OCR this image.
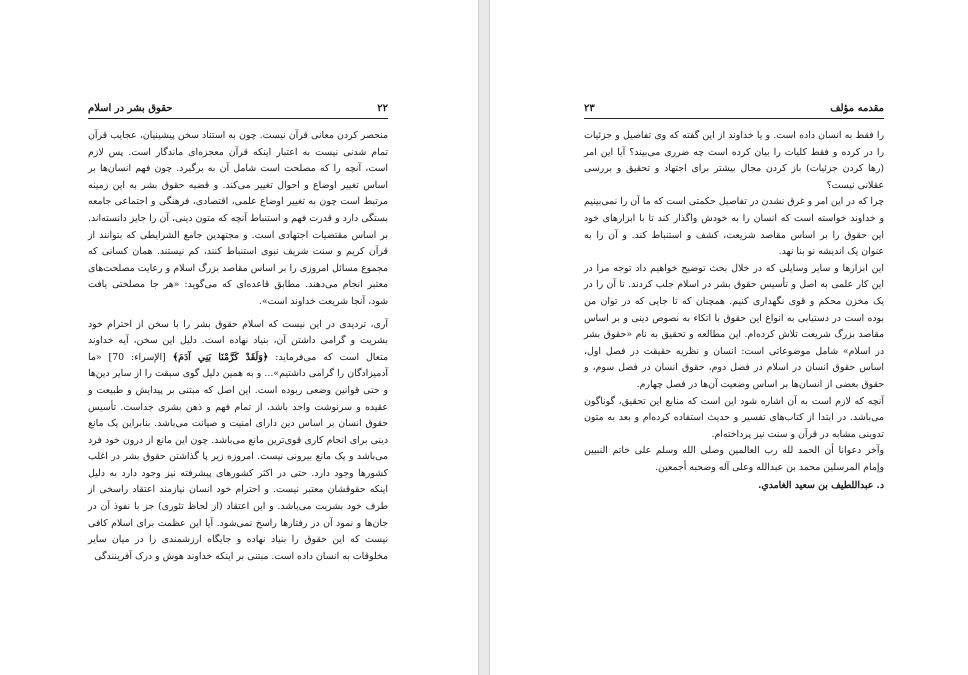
۲۲
حقوق بشر در اسلام

منحصر کردن معانی قرآن نیست. چون به استناد سخن پیشینیان، عجایب قرآن تمام شدنی نیست به اعتبار اینکه قرآن معجزه‌ای ماندگار است. پس لازم است، آنچه را که مصلحت است شامل آن به برگیرد. چون فهم انسان‌ها بر اساس تغییر اوضاع و احوال تغییر می‌کند. و قضیه حقوق بشر به این زمینه مرتبط است چون به تغییر اوضاع علمی، اقتصادی، فرهنگی و اجتماعی جامعه بستگی دارد و قدرت فهم و استنباط آنچه که متون دینی، آن را جایز دانسته‌اند. بر اساس مقتضیات اجتهادی است. و مجتهدین جامع الشرایطی که بتوانند از قرآن کریم و سنت شریف نبوی استنباط کنند، کم نیستند. همان کسانی که مجموع مسائل امروزی را بر اساس مقاصد بزرگ اسلام و رعایت مصلحت‌های معتبر انجام می‌دهند. مطابق قاعده‌ای که می‌گوید: «هر جا مصلحتی یافت شود، آنجا شریعت خداوند است».

آری، تردیدی در این نیست که اسلام حقوق بشر را با سخن از احترام خود بشریت و گرامی داشتن آن، بنیاد نهاده است. دلیل این سخن، آیه خداوند متعال است که می‌فرماید: ﴿وَلَقَدْ كَرَّمْنَا بَنِي آدَمَ﴾ [الإسراء: 70] «ما آدمیزادگان را گرامی داشتیم»... و به همین دلیل گوی سبقت را از سایر دین‌ها و حتی قوانین وضعی ربوده است. این اصل که مبتنی بر پیدایش و طبیعت و عقیده و سرنوشت واحد باشد، از تمام فهم و ذهن بشری جداست. تأسیس حقوق انسان بر اساس دین دارای امنیت و صیانت می‌باشد. بنابراین یک مانع دینی برای انجام کاری قوی‌ترین مانع می‌باشد. چون این مانع از درون خود فرد می‌باشد و یک مانع بیرونی نیست. امروزه زیر پا گذاشتن حقوق بشر در اغلب کشورها وجود دارد. حتی در اکثر کشورهای پیشرفته نیز وجود دارد به دلیل اینکه حقوقشان معتبر نیست. و احترام خود انسان نیازمند اعتقاد راسخی از طرف خود بشریت می‌باشد. و این اعتقاد (از لحاظ تئوری) جز با نفوذ آن در جان‌ها و نمود آن در رفتارها راسخ نمی‌شود. آیا این عظمت برای اسلام کافی نیست که این حقوق را بنیاد نهاده و جایگاه ارزشمندی را در میان سایر مخلوقات به انسان داده است. مبتنی بر اینکه خداوند هوش و درک آفرینندگی

مقدمه مؤلف
۲۳

را فقط به انسان داده است. و یا خداوند از این گفته که وی تفاصیل و جزئیات را در کرده و فقط کلیات را بیان کرده است چه ضرری می‌بیند؟ آیا این امر (رها کردن جزئیات) باز کردن مجال بیشتر برای اجتهاد و تحقیق و بررسی عقلانی نیست؟

چرا که در این امر و غرق نشدن در تفاصیل حکمتی است که ما آن را نمی‌بینیم و خداوند خواسته است که انسان را به خودش واگذار کند تا با ابزارهای خود این حقوق را بر اساس مقاصد شریعت، کشف و استنباط کند. و آن را به عنوان یک اندیشه نو بنا نهد.

این ابزارها و سایر وسایلی که در خلال بحث توضیح خواهیم داد توجه مرا در این کار علمی به اصل و تأسیس حقوق بشر در اسلام جلب کردند. تا آن را در یک مخزن محکم و قوی نگهداری کنیم. همچنان که تا جایی که در توان من بوده است در دستیابی به انواع این حقوق با اتکاء به نصوص دینی و بر اساس مقاصد بزرگ شریعت تلاش کرده‌ام. این مطالعه و تحقیق به نام «حقوق بشر در اسلام» شامل موضوعاتی است: انسان و نظریه حقیقت در فصل اول، اساس حقوق انسان در اسلام در فصل دوم، حقوق انسان در فصل سوم، و حقوق بعضی از انسان‌ها بر اساس وضعیت آن‌ها در فصل چهارم.

آنچه که لازم است به آن اشاره شود این است که منابع این تحقیق، گوناگون می‌باشد. در ابتدا از کتاب‌های تفسیر و حدیث استفاده کرده‌ام و بعد به متون تدوینی مشابه در قرآن و سنت نیز پرداخته‌ام.

وآخر دعوانا أن الحمد لله رب العالمين وصلى الله وسلم على خاتم النبيين وإمام المرسلين محمد بن عبدالله وعلى آله وصحبه أجمعين.

د. عبداللطيف بن سعيد الغامدي.
